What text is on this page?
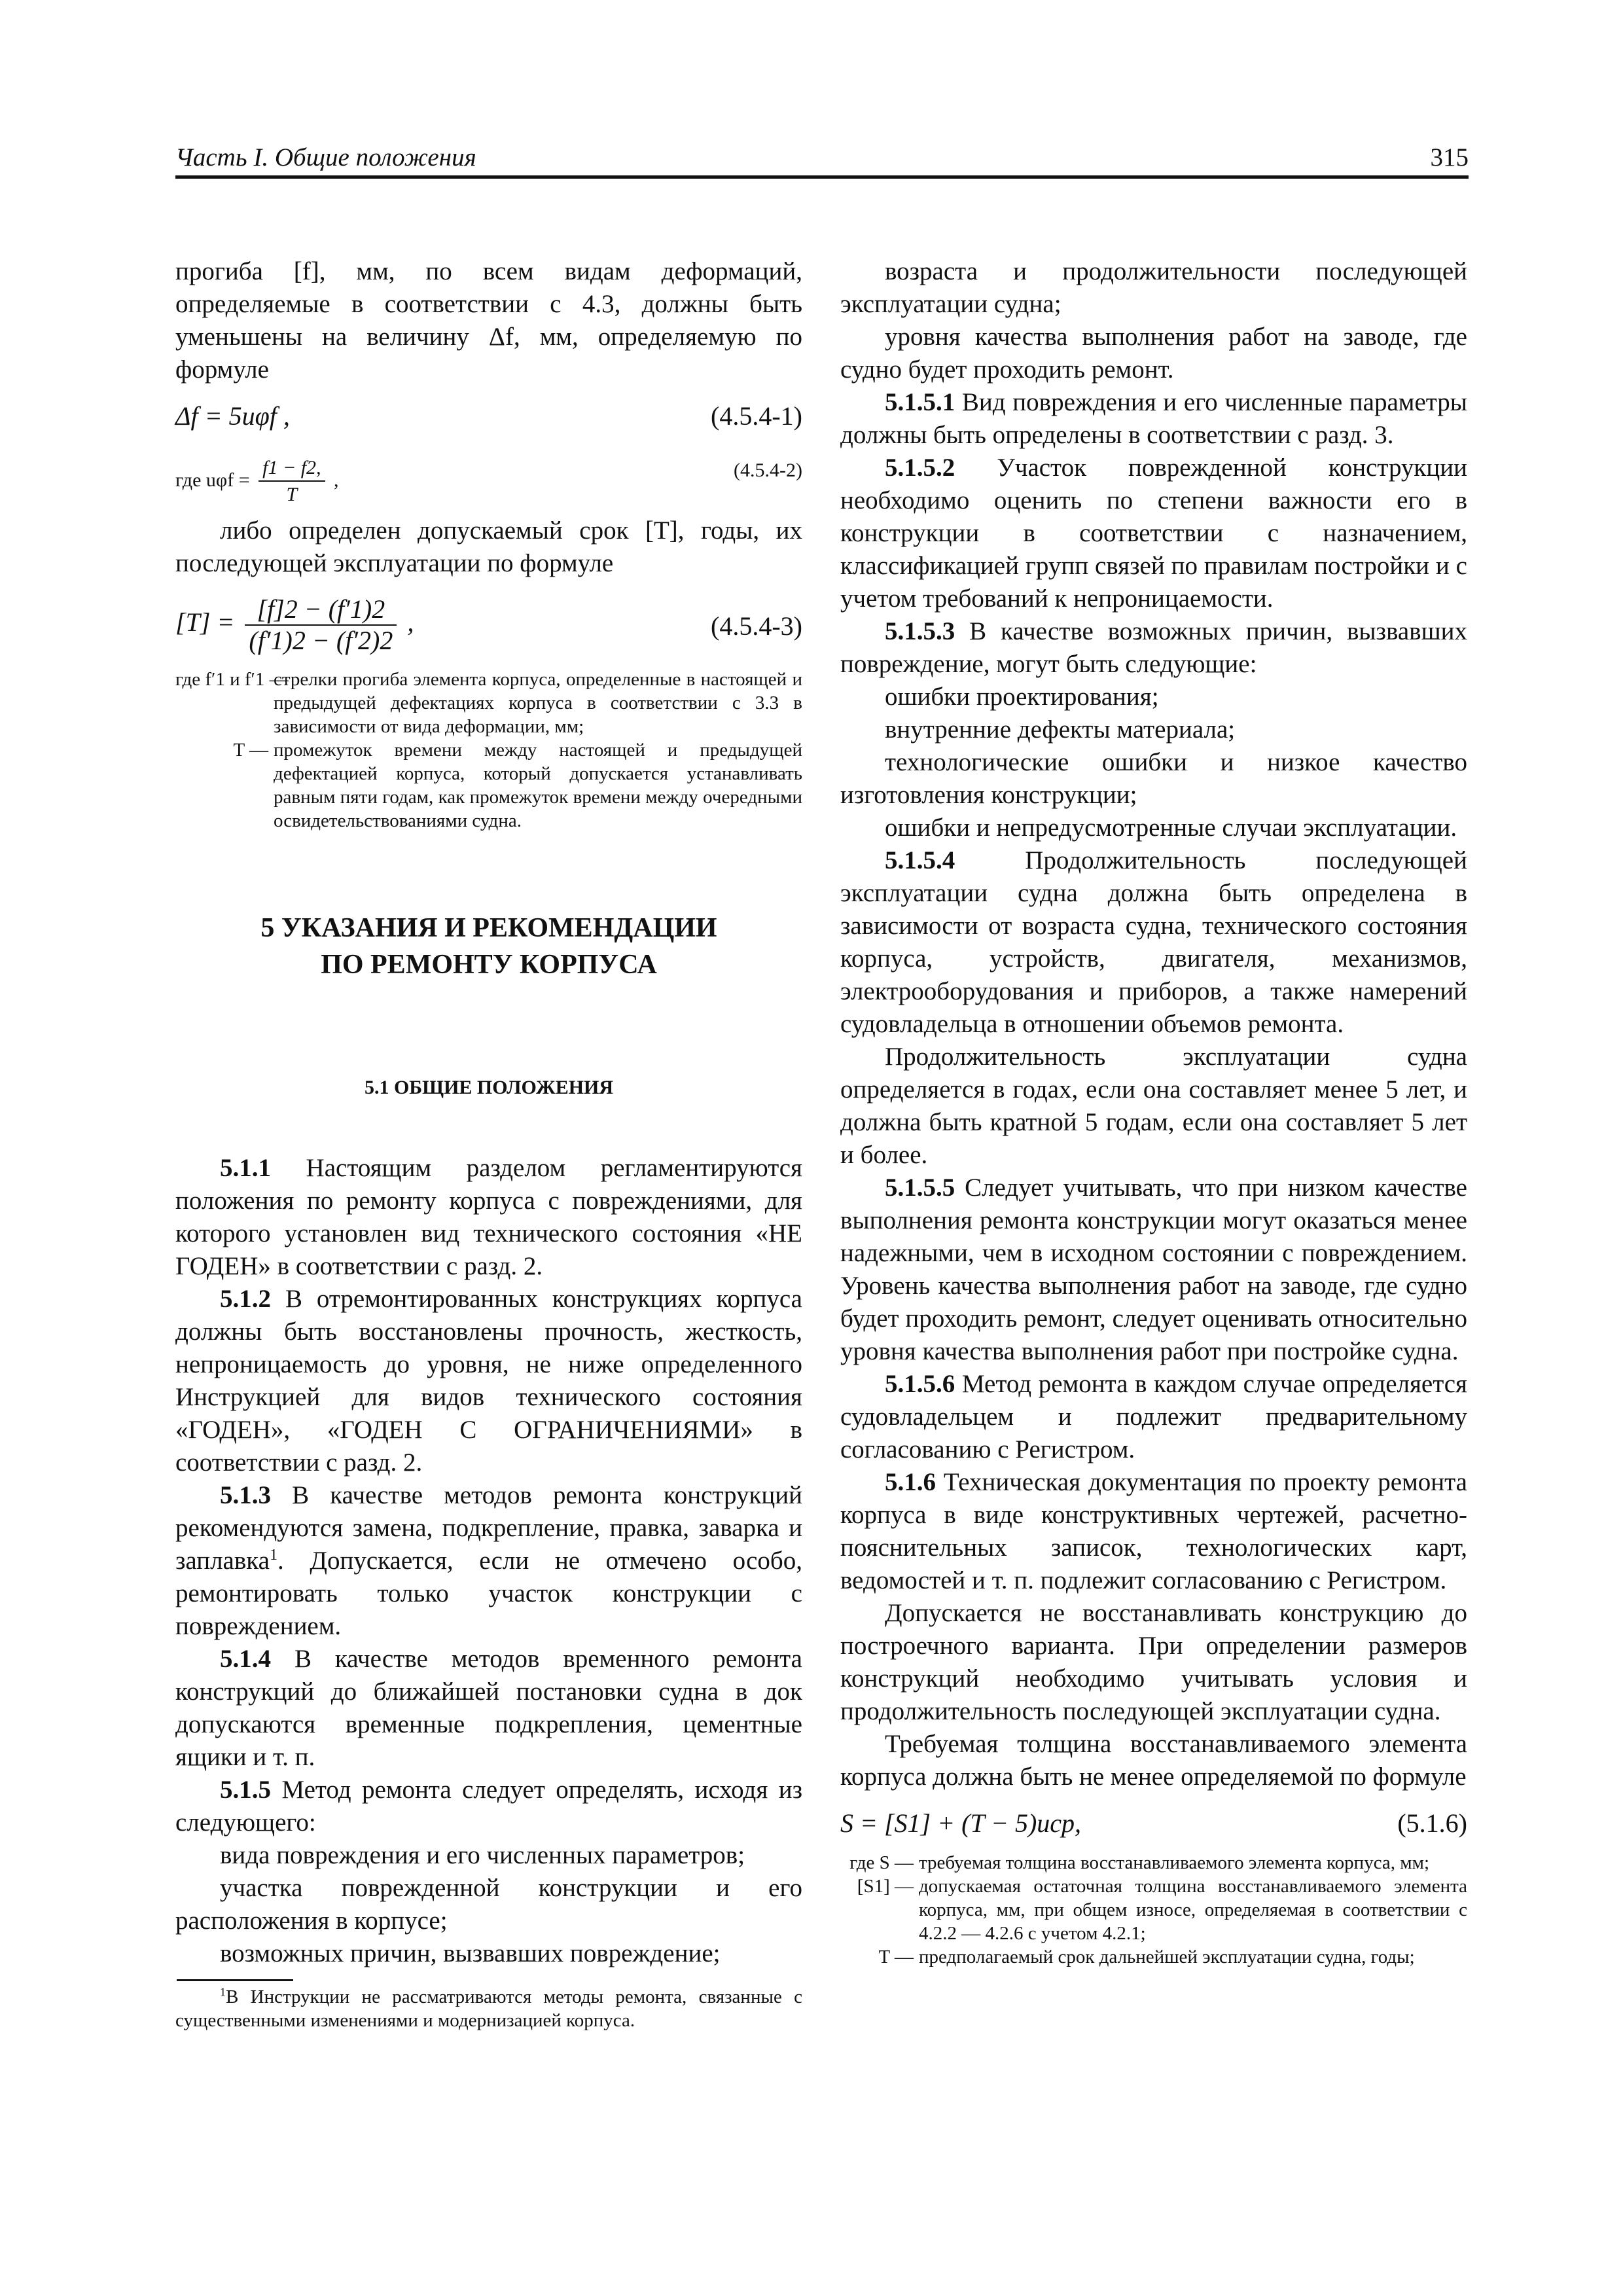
Часть I. Общие положения	315

прогиба [f], мм, по всем видам деформаций, определяемые в соответствии с 4.3, должны быть уменьшены на величину Δf, мм, определяемую по формуле

Δf = 5uφf ,	(4.5.4-1)
где $u\varphi f = \frac{f1 - f2,}{T}$ ,	(4.5.4-2)

либо определен допускаемый срок [T], годы, их последующей эксплуатации по формуле

$[T] = \frac{[f]2 - (f'1)2}{(f'1)2 - (f'2)2}$ ,	(4.5.4-3)
где f′1 и f′1 —
стрелки прогиба элемента корпуса, определенные в настоящей и предыдущей дефектациях корпуса в соответствии с 3.3 в зависимости от вида деформации, мм;
T — промежуток времени между настоящей и предыдущей дефектацией корпуса, который допускается устанавливать равным пяти годам, как промежуток времени между очередными освидетельствованиями судна.
5 УКАЗАНИЯ И РЕКОМЕНДАЦИИ
ПО РЕМОНТУ КОРПУСА
5.1 ОБЩИЕ ПОЛОЖЕНИЯ

5.1.1 Настоящим разделом регламентируются положения по ремонту корпуса с повреждениями, для которого установлен вид технического состояния «НЕ ГОДЕН» в соответствии с разд. 2.

5.1.2 В отремонтированных конструкциях корпуса должны быть восстановлены прочность, жесткость, непроницаемость до уровня, не ниже определенного Инструкцией для видов технического состояния «ГОДЕН», «ГОДЕН С ОГРАНИЧЕНИЯМИ» в соответствии с разд. 2.

5.1.3 В качестве методов ремонта конструкций рекомендуются замена, подкрепление, правка, заварка и заплавка$^1$. Допускается, если не отмечено особо, ремонтировать только участок конструкции с повреждением.

5.1.4 В качестве методов временного ремонта конструкций до ближайшей постановки судна в док допускаются временные подкрепления, цементные ящики и т. п.

5.1.5 Метод ремонта следует определять, исходя из следующего:

вида повреждения и его численных параметров;

участка поврежденной конструкции и его расположения в корпусе;

возможных причин, вызвавших повреждение;

$^1$В Инструкции не рассматриваются методы ремонта, связанные с существенными изменениями и модернизацией корпуса.

возраста и продолжительности последующей эксплуатации судна;

уровня качества выполнения работ на заводе, где судно будет проходить ремонт.

5.1.5.1 Вид повреждения и его численные параметры должны быть определены в соответствии с разд. 3.

5.1.5.2 Участок поврежденной конструкции необходимо оценить по степени важности его в конструкции в соответствии с назначением, классификацией групп связей по правилам постройки и с учетом требований к непроницаемости.

5.1.5.3 В качестве возможных причин, вызвавших повреждение, могут быть следующие:

ошибки проектирования;

внутренние дефекты материала;

технологические ошибки и низкое качество изготовления конструкции;

ошибки и непредусмотренные случаи эксплуатации.

5.1.5.4 Продолжительность последующей эксплуатации судна должна быть определена в зависимости от возраста судна, технического состояния корпуса, устройств, двигателя, механизмов, электрооборудования и приборов, а также намерений судовладельца в отношении объемов ремонта.

Продолжительность эксплуатации судна определяется в годах, если она составляет менее 5 лет, и должна быть кратной 5 годам, если она составляет 5 лет и более.

5.1.5.5 Следует учитывать, что при низком качестве выполнения ремонта конструкции могут оказаться менее надежными, чем в исходном состоянии с повреждением. Уровень качества выполнения работ на заводе, где судно будет проходить ремонт, следует оценивать относительно уровня качества выполнения работ при постройке судна.

5.1.5.6 Метод ремонта в каждом случае определяется судовладельцем и подлежит предварительному согласованию с Регистром.

5.1.6 Техническая документация по проекту ремонта корпуса в виде конструктивных чертежей, расчетно-пояснительных записок, технологических карт, ведомостей и т. п. подлежит согласованию с Регистром.

Допускается не восстанавливать конструкцию до построечного варианта. При определении размеров конструкций необходимо учитывать условия и продолжительность последующей эксплуатации судна.

Требуемая толщина восстанавливаемого элемента корпуса должна быть не менее определяемой по формуле

S = [S1] + (T − 5)uср,	(5.1.6)
где S — требуемая толщина восстанавливаемого элемента корпуса, мм;
[S1] — допускаемая остаточная толщина восстанавливаемого элемента корпуса, мм, при общем износе, определяемая в соответствии с 4.2.2 — 4.2.6 с учетом 4.2.1;
T — предполагаемый срок дальнейшей эксплуатации судна, годы;
